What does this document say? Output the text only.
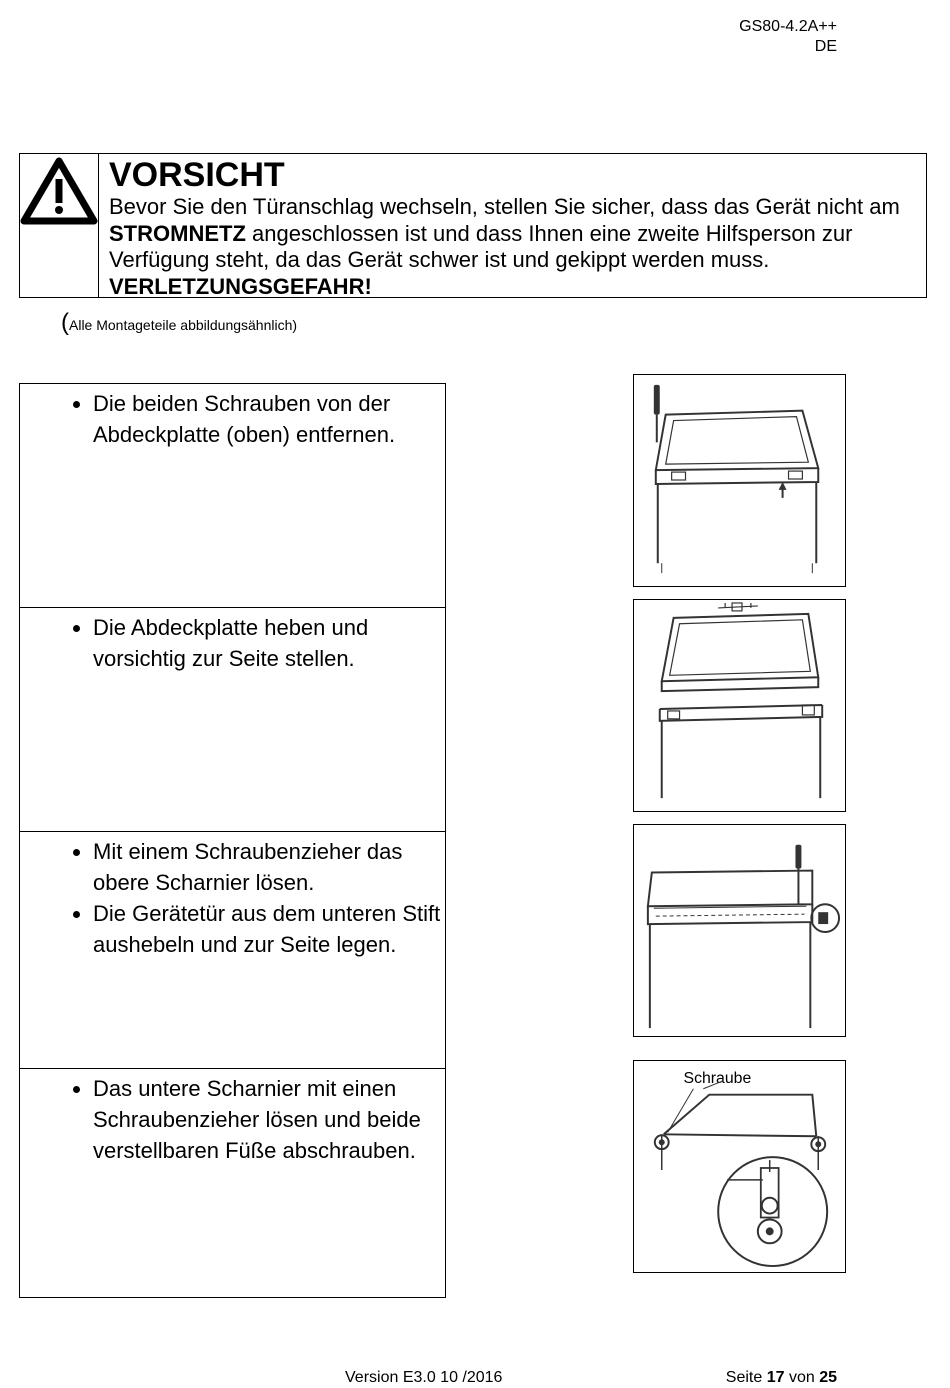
GS80-4.2A++
DE
VORSICHT
Bevor Sie den Türanschlag wechseln, stellen Sie sicher, dass das Gerät nicht am STROMNETZ angeschlossen ist und dass Ihnen eine zweite Hilfsperson zur Verfügung steht, da das Gerät schwer ist und gekippt werden muss. VERLETZUNGSGEFAHR!
(Alle Montageteile abbildungsähnlich)
• Die beiden Schrauben von der Abdeckplatte (oben) entfernen.

• Die Abdeckplatte heben und vorsichtig zur Seite stellen.

• Mit einem Schraubenzieher das obere Scharnier lösen.
• Die Gerätetür aus dem unteren Stift aushebeln und zur Seite legen.

• Das untere Scharnier mit einen Schraubenzieher lösen und beide verstellbaren Füße abschrauben.
Schraube
Version E3.0 10 /2016	Seite 17 von 25
